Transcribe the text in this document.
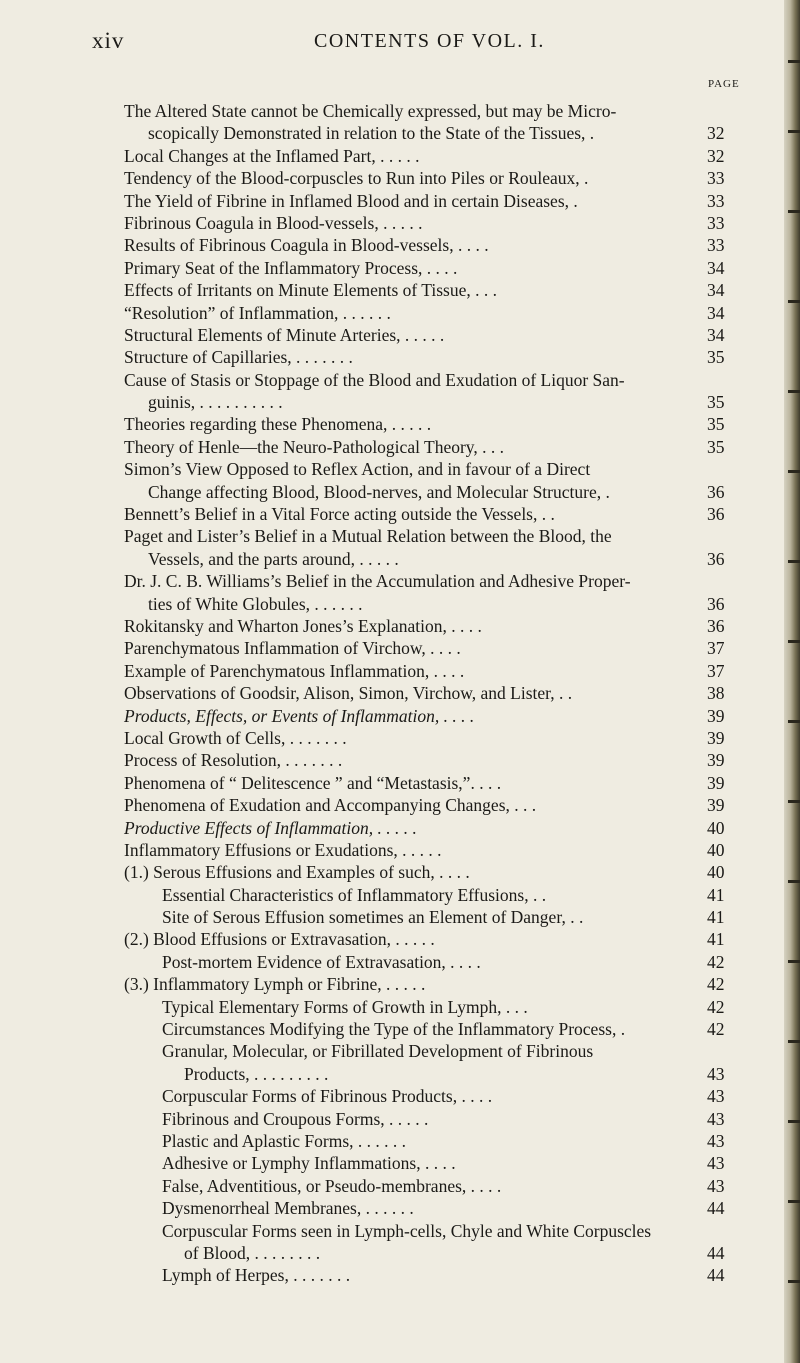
xiv	CONTENTS OF VOL. I.
PAGE
The Altered State cannot be Chemically expressed, but may be Micro-
scopically Demonstrated in relation to the State of the Tissues, .	32
Local Changes at the Inflamed Part, . . . . .	32
Tendency of the Blood-corpuscles to Run into Piles or Rouleaux, .	33
The Yield of Fibrine in Inflamed Blood and in certain Diseases, .	33
Fibrinous Coagula in Blood-vessels, . . . . .	33
Results of Fibrinous Coagula in Blood-vessels, . . . .	33
Primary Seat of the Inflammatory Process, . . . .	34
Effects of Irritants on Minute Elements of Tissue, . . .	34
“Resolution” of Inflammation, . . . . . .	34
Structural Elements of Minute Arteries, . . . . .	34
Structure of Capillaries, . . . . . . .	35
Cause of Stasis or Stoppage of the Blood and Exudation of Liquor San-
guinis, . . . . . . . . . .	35
Theories regarding these Phenomena, . . . . .	35
Theory of Henle—the Neuro-Pathological Theory, . . .	35
Simon’s View Opposed to Reflex Action, and in favour of a Direct
Change affecting Blood, Blood-nerves, and Molecular Structure, .	36
Bennett’s Belief in a Vital Force acting outside the Vessels, . .	36
Paget and Lister’s Belief in a Mutual Relation between the Blood, the
Vessels, and the parts around, . . . . .	36
Dr. J. C. B. Williams’s Belief in the Accumulation and Adhesive Proper-
ties of White Globules, . . . . . .	36
Rokitansky and Wharton Jones’s Explanation, . . . .	36
Parenchymatous Inflammation of Virchow, . . . .	37
Example of Parenchymatous Inflammation, . . . .	37
Observations of Goodsir, Alison, Simon, Virchow, and Lister, . .	38
Products, Effects, or Events of Inflammation, . . . .	39
Local Growth of Cells, . . . . . . .	39
Process of Resolution, . . . . . . .	39
Phenomena of “ Delitescence ” and “Metastasis,”. . . .	39
Phenomena of Exudation and Accompanying Changes, . . .	39
Productive Effects of Inflammation, . . . . .	40
Inflammatory Effusions or Exudations, . . . . .	40
(1.) Serous Effusions and Examples of such, . . . .	40
Essential Characteristics of Inflammatory Effusions, . .	41
Site of Serous Effusion sometimes an Element of Danger, . .	41
(2.) Blood Effusions or Extravasation, . . . . .	41
Post-mortem Evidence of Extravasation, . . . .	42
(3.) Inflammatory Lymph or Fibrine, . . . . .	42
Typical Elementary Forms of Growth in Lymph, . . .	42
Circumstances Modifying the Type of the Inflammatory Process, .	42
Granular, Molecular, or Fibrillated Development of Fibrinous
Products, . . . . . . . . .	43
Corpuscular Forms of Fibrinous Products, . . . .	43
Fibrinous and Croupous Forms, . . . . .	43
Plastic and Aplastic Forms, . . . . . .	43
Adhesive or Lymphy Inflammations, . . . .	43
False, Adventitious, or Pseudo-membranes, . . . .	43
Dysmenorrheal Membranes, . . . . . .	44
Corpuscular Forms seen in Lymph-cells, Chyle and White Corpuscles
of Blood, . . . . . . . .	44
Lymph of Herpes, . . . . . . .	44
